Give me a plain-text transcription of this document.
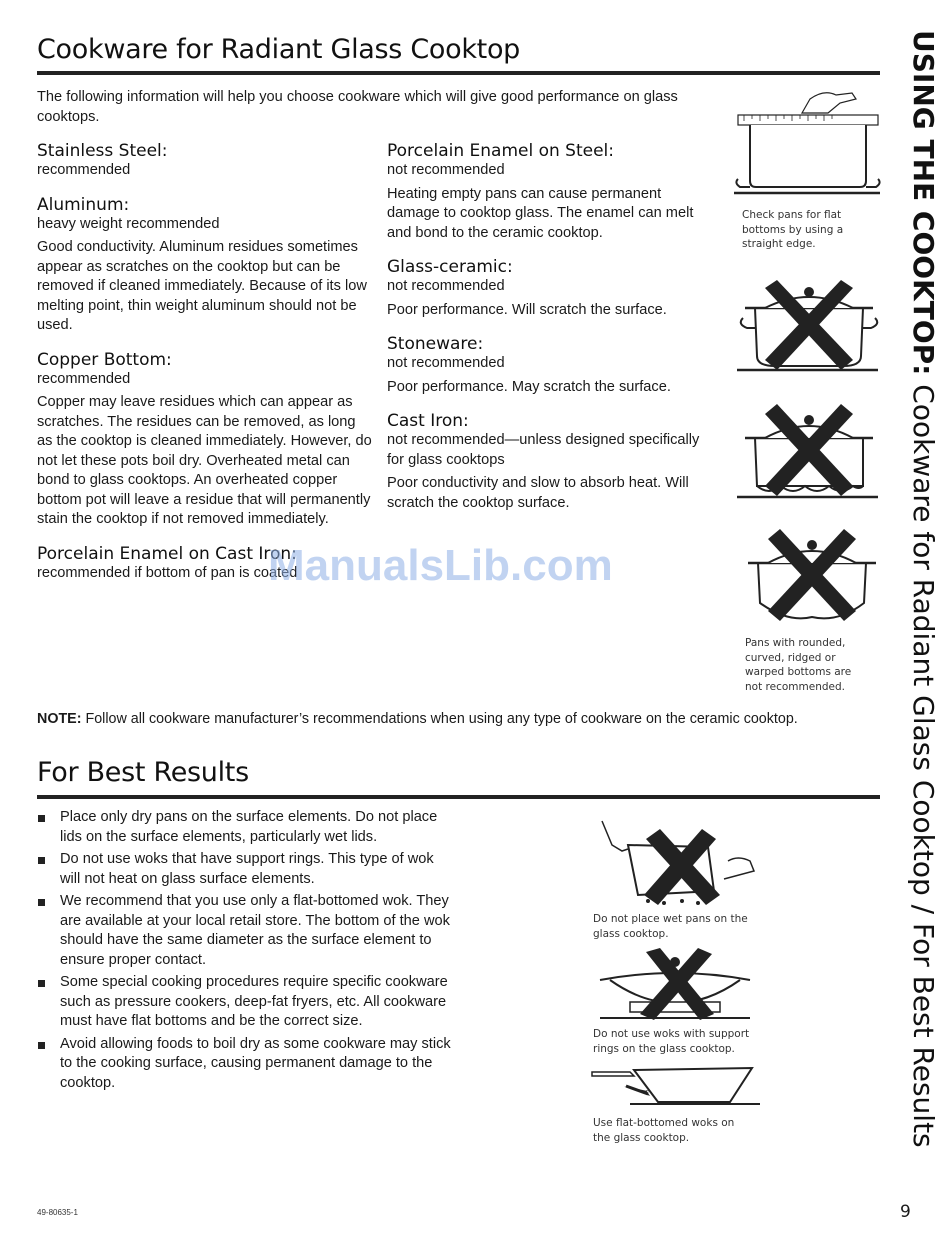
Cookware for Radiant Glass Cooktop
The following information will help you choose cookware which will give good performance on glass cooktops.
Stainless Steel:
recommended
Aluminum:
heavy weight recommended
Good conductivity. Aluminum residues sometimes appear as scratches on the cooktop but can be removed if cleaned immediately. Because of its low melting point, thin weight aluminum should not be used.
Copper Bottom:
recommended
Copper may leave residues which can appear as scratches. The residues can be removed, as long as the cooktop is cleaned immediately. However, do not let these pots boil dry. Overheated metal can bond to glass cooktops. An overheated copper bottom pot will leave a residue that will permanently stain the cooktop if not removed immediately.
Porcelain Enamel on Cast Iron:
recommended if bottom of pan is coated
Porcelain Enamel on Steel:
not recommended
Heating empty pans can cause permanent damage to cooktop glass. The enamel can melt and bond to the ceramic cooktop.
Glass-ceramic:
not recommended
Poor performance. Will scratch the surface.
Stoneware:
not recommended
Poor performance. May scratch the surface.
Cast Iron:
not recommended—unless designed specifically for glass cooktops
Poor conductivity and slow to absorb heat. Will scratch the cooktop surface.
Check pans for flat bottoms by using a straight edge.
Pans with rounded, curved, ridged or warped bottoms are not recommended.
ManualsLib.com
NOTE: Follow all cookware manufacturer’s recommendations when using any type of cookware on the ceramic cooktop.
For Best Results
Place only dry pans on the surface elements. Do not place lids on the surface elements, particularly wet lids.
Do not use woks that have support rings. This type of wok will not heat on glass surface elements.
We recommend that you use only a flat-bottomed wok. They are available at your local retail store. The bottom of the wok should have the same diameter as the surface element to ensure proper contact.
Some special cooking procedures require specific cookware such as pressure cookers, deep-fat fryers, etc. All cookware must have flat bottoms and be the correct size.
Avoid allowing foods to boil dry as some cookware may stick to the cooking surface, causing permanent damage to the cooktop.
Do not place wet pans on the glass cooktop.
Do not use woks with support rings on the glass cooktop.
Use flat-bottomed woks on the glass cooktop.
USING THE COOKTOP: Cookware for Radiant Glass Cooktop / For Best Results
49-80635-1	9
